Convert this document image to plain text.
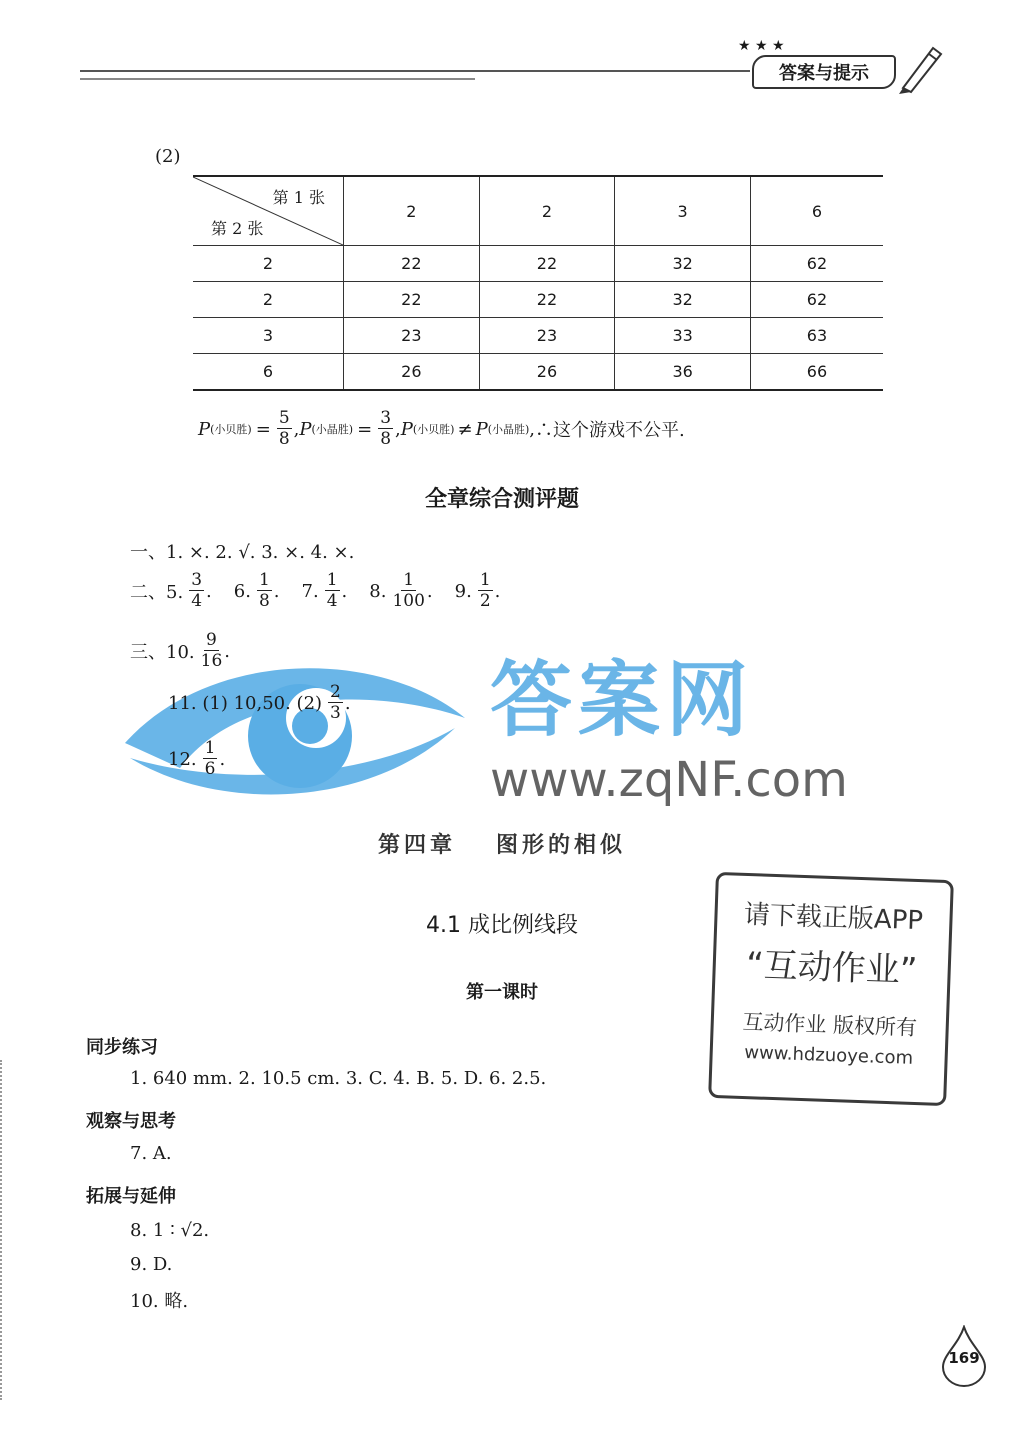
★ ★ ★
答案与提示
(2)
第 1 张
第 2 张	2	2	3	6
2	22	22	32	62
2	22	22	32	62
3	23	23	33	63
6	26	26	36	66
P (小贝胜) = $\frac{5}{8}$ , P (小晶胜) = $\frac{3}{8}$ , P (小贝胜) ≠ P (小晶胜) , ∴这个游戏不公平.
全章综合测评题
一、1. ×. 2. √. 3. ×. 4. ×.
二、5. $\frac{3}{4}$ . 6. $\frac{1}{8}$ . 7. $\frac{1}{4}$ . 8. $\frac{1}{100}$ . 9. $\frac{1}{2}$ .
答案网
www.zqNF.com
三、10. $\frac{9}{16}$ .
11. (1) 10,50. $(2) \frac{2}{3}$ .
12. $\frac{1}{6}$ .
第四章 图形的相似
4.1 成比例线段
第一课时
请下载正版APP
“互动作业”
互动作业 版权所有
www.hdzuoye.com
同步练习
1. 640 mm. 2. 10.5 cm. 3. C. 4. B. 5. D. 6. 2.5.
观察与思考
7. A.
拓展与延伸
8. 1 ∶ √2.
9. D.
10. 略.
169
